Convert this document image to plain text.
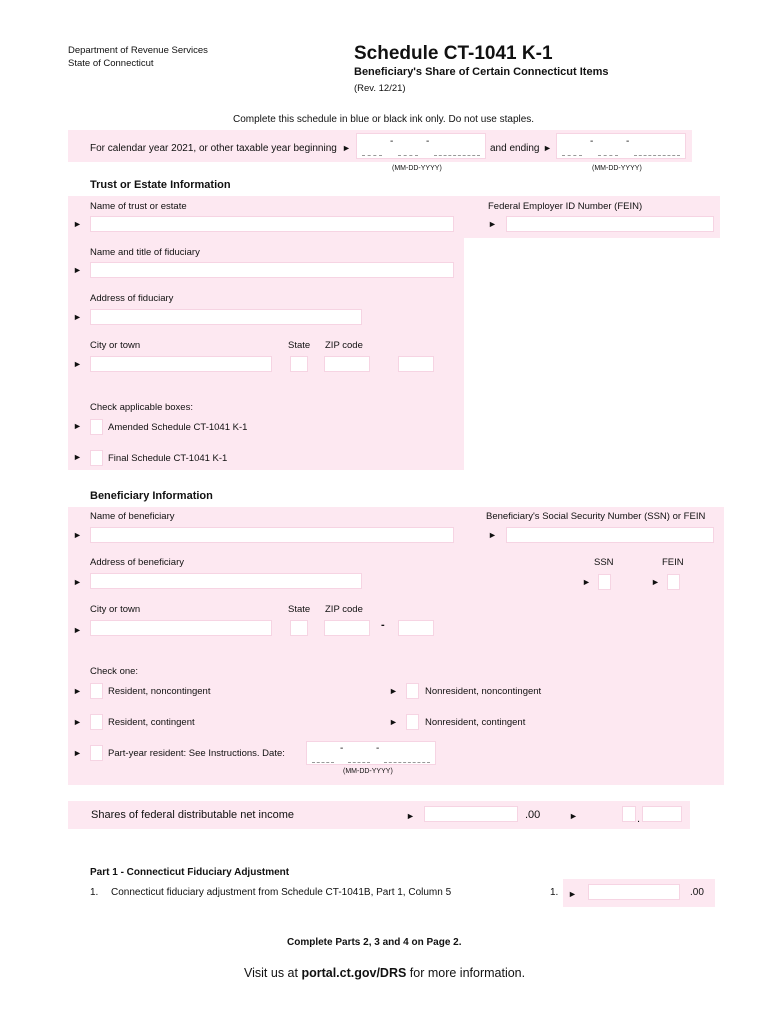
Department of Revenue Services
State of Connecticut	Schedule CT-1041 K-1
Beneficiary's Share of Certain Connecticut Items
(Rev. 12/21)
Complete this schedule in blue or black ink only. Do not use staples.
For calendar year 2021, or other taxable year beginning ►
-	-
and ending ►
-	-
(MM-DD-YYYY)	(MM-DD-YYYY)
Trust or Estate Information
Name of trust or estate
►
Federal Employer ID Number (FEIN)
►
Name and title of fiduciary
►
Address of fiduciary
►
City or town	State ZIP code
►
Check applicable boxes:
►	Amended Schedule CT-1041 K-1
►	Final Schedule CT-1041 K-1
Beneficiary Information
Name of beneficiary
►
Beneficiary's Social Security Number (SSN) or FEIN
►
Address of beneficiary	SSN	FEIN
►	►	►
City or town	State ZIP code
►	-
Check one:
►	Resident, noncontingent	►	Nonresident, noncontingent
►	Resident, contingent	►	Nonresident, contingent
►	Part-year resident: See Instructions. Date:	-	-
(MM-DD-YYYY)
Shares of federal distributable net income	►	.00	►	.
Part 1 - Connecticut Fiduciary Adjustment
1. Connecticut fiduciary adjustment from Schedule CT-1041B, Part 1, Column 5	1. ►	.00
Complete Parts 2, 3 and 4 on Page 2.
Visit us at portal.ct.gov/DRS for more information.
